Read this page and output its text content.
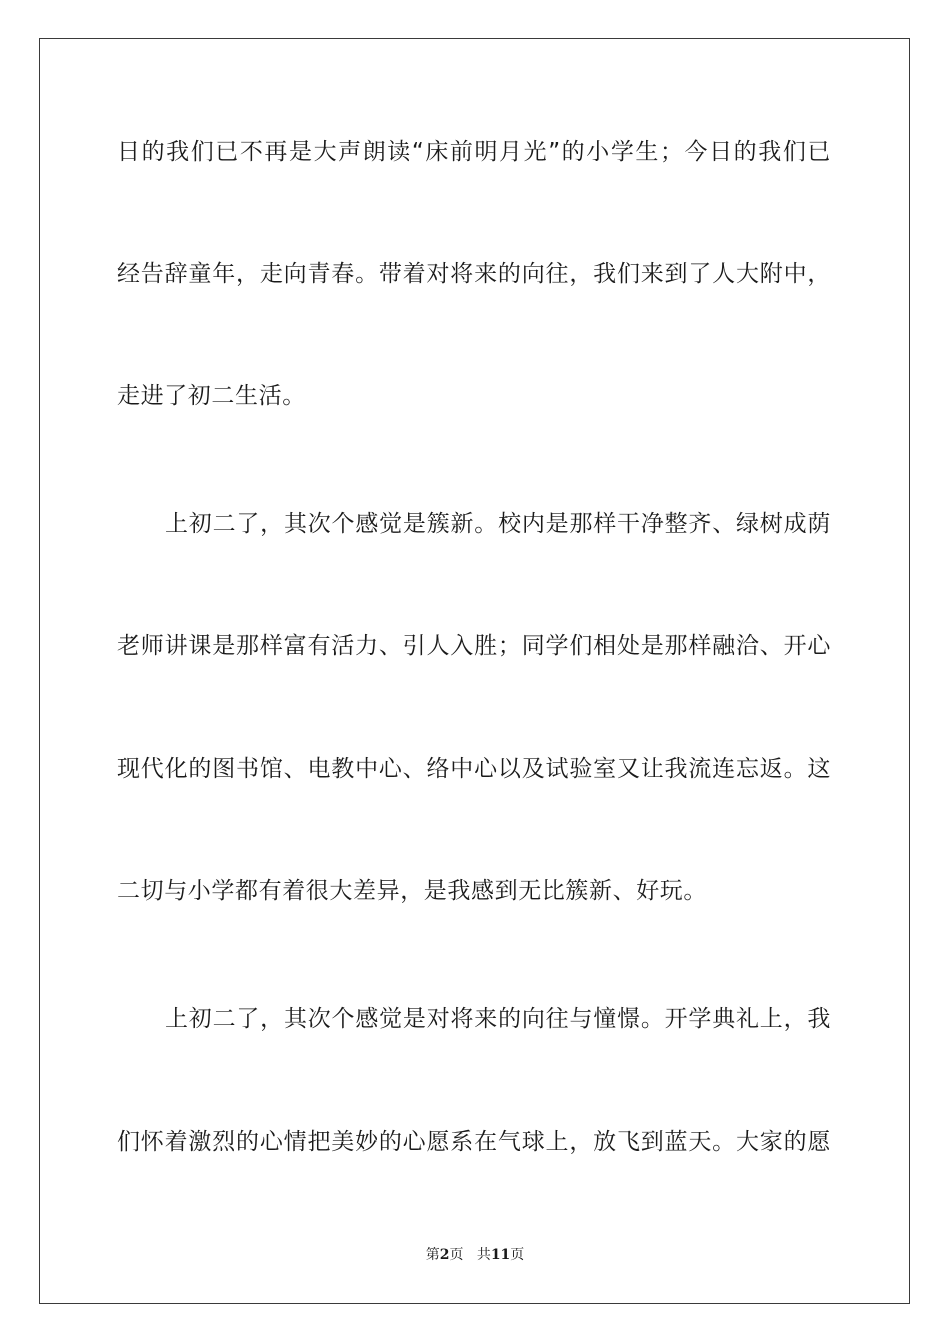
日的我们已不再是大声朗读“床前明月光”的小学生；今日的我们已
经告辞童年，走向青春。带着对将来的向往，我们来到了人大附中，
走进了初二生活。
上初二了，其次个感觉是簇新。校内是那样干净整齐、绿树成荫
老师讲课是那样富有活力、引人入胜；同学们相处是那样融洽、开心
现代化的图书馆、电教中心、络中心以及试验室又让我流连忘返。这
二切与小学都有着很大差异，是我感到无比簇新、好玩。
上初二了，其次个感觉是对将来的向往与憧憬。开学典礼上，我
们怀着激烈的心情把美妙的心愿系在气球上，放飞到蓝天。大家的愿
第2页 共11页
